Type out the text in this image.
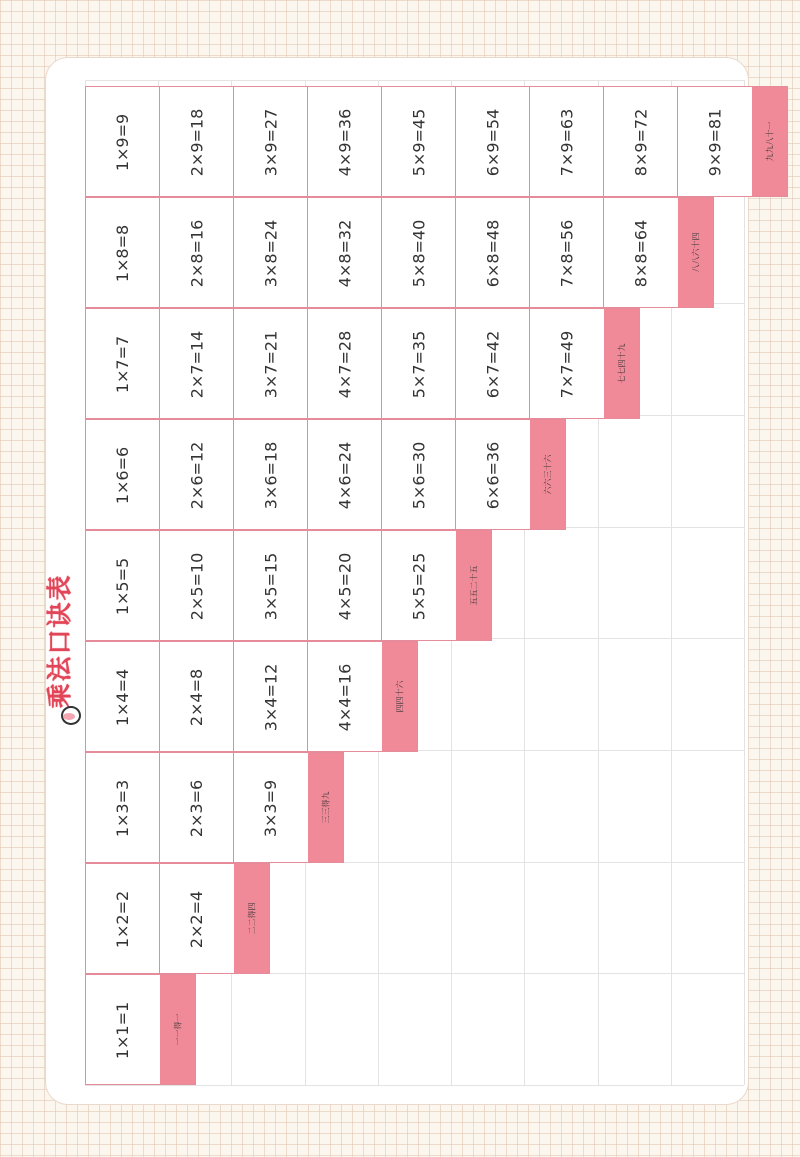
乘法口诀表
1×1=1	一一得一
1×2=2	2×2=4	二二得四
1×3=3	2×3=6	3×3=9	三三得九
1×4=4	2×4=8	3×4=12	4×4=16	四四十六
1×5=5	2×5=10	3×5=15	4×5=20	5×5=25	五五二十五
1×6=6	2×6=12	3×6=18	4×6=24	5×6=30	6×6=36	六六三十六
1×7=7	2×7=14	3×7=21	4×7=28	5×7=35	6×7=42	7×7=49	七七四十九
1×8=8	2×8=16	3×8=24	4×8=32	5×8=40	6×8=48	7×8=56	8×8=64	八八六十四
1×9=9	2×9=18	3×9=27	4×9=36	5×9=45	6×9=54	7×9=63	8×9=72	9×9=81	九九八十一
